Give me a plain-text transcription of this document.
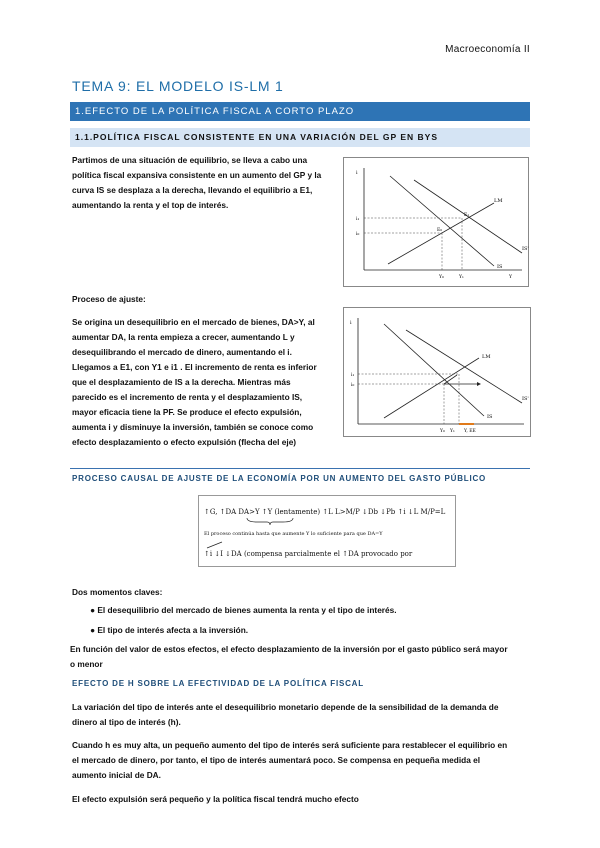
Macroeconomía II
TEMA 9: EL MODELO IS-LM 1
1.EFECTO DE LA POLÍTICA FISCAL A CORTO PLAZO
1.1.POLÍTICA FISCAL CONSISTENTE EN UNA VARIACIÓN DEL GP EN BYS
Partimos de una situación de equilibrio, se lleva a cabo una
política fiscal expansiva consistente en un aumento del GP y la
curva IS se desplaza a la derecha, llevando el equilibrio a E1,
aumentando la renta y el top de interés.
i
LM
IS
IS'
i₁
i₀
E₁
E₀
Y₀	Y₁	Y
Proceso de ajuste:
Se origina un desequilibrio en el mercado de bienes, DA>Y, al
aumentar DA, la renta empieza a crecer, aumentando L y
desequilibrando el mercado de dinero, aumentando el i.
Llegamos a E1, con Y1 e i1 . El incremento de renta es inferior
que el desplazamiento de IS a la derecha. Mientras más
parecido es el incremento de renta y el desplazamiento IS,
mayor eficacia tiene la PF. Se produce el efecto expulsión,
aumenta i y disminuye la inversión, también se conoce como
efecto desplazamiento o efecto expulsión (flecha del eje)
i
LM
IS
IS'
i₁
i₀
Y₀ Y₁ Y, EE
PROCESO CAUSAL DE AJUSTE DE LA ECONOMÍA POR UN AUMENTO DEL GASTO PÚBLICO
↑G, ↑DA DA>Y ↑Y (lentamente) ↑L L>M/P ↓Db ↓Pb ↑i ↓L M/P=L
El proceso continúa hasta que aumente Y lo suficiente para que DA=Y
↑i ↓I ↓DA (compensa parcialmente el ↑DA provocado por
Dos momentos claves:
● El desequilibrio del mercado de bienes aumenta la renta y el tipo de interés.
● El tipo de interés afecta a la inversión.
En función del valor de estos efectos, el efecto desplazamiento de la inversión por el gasto público será mayor
o menor
EFECTO DE H SOBRE LA EFECTIVIDAD DE LA POLÍTICA FISCAL
La variación del tipo de interés ante el desequilibrio monetario depende de la sensibilidad de la demanda de
dinero al tipo de interés (h).
Cuando h es muy alta, un pequeño aumento del tipo de interés será suficiente para restablecer el equilibrio en
el mercado de dinero, por tanto, el tipo de interés aumentará poco. Se compensa en pequeña medida el
aumento inicial de DA.
El efecto expulsión será pequeño y la política fiscal tendrá mucho efecto
